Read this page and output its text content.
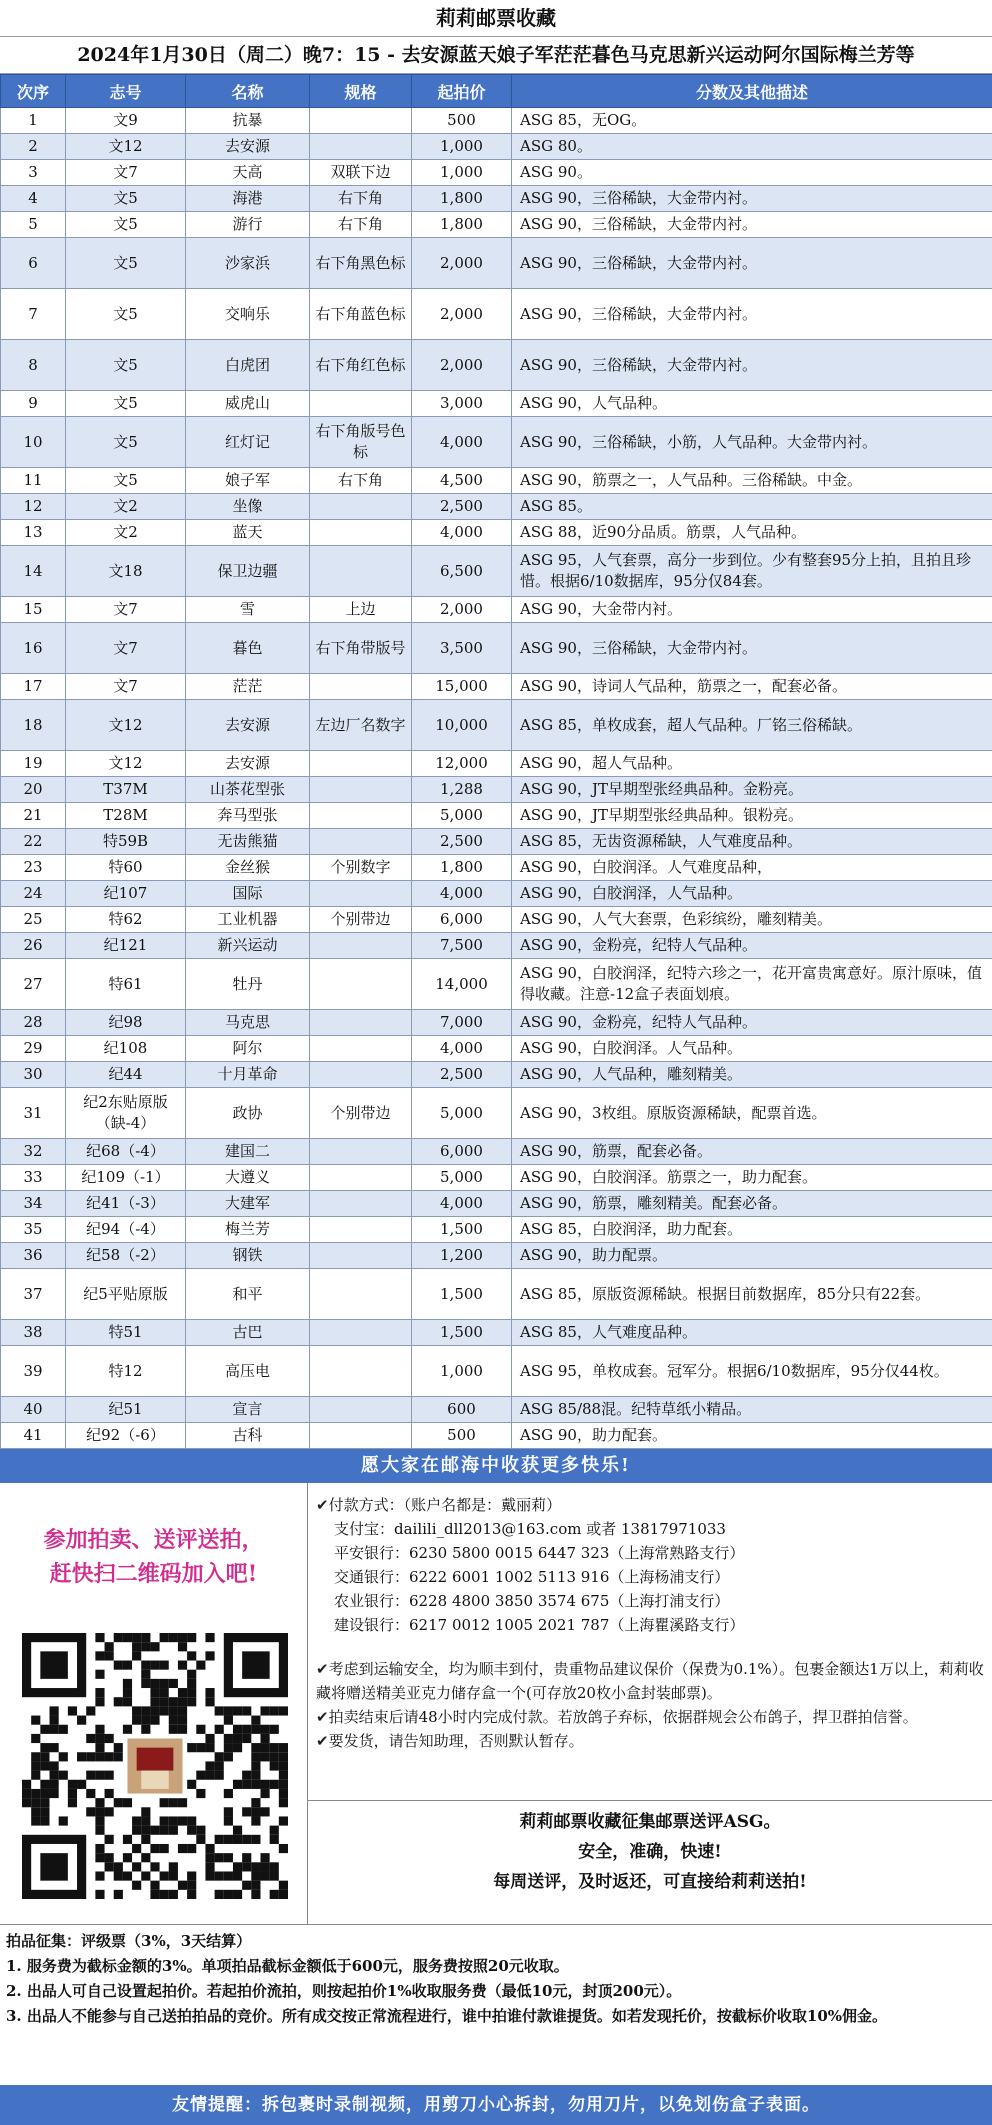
莉莉邮票收藏
2024年1月30日（周二）晚7：15 - 去安源蓝天娘子军茫茫暮色马克思新兴运动阿尔国际梅兰芳等
次序	志号	名称	规格	起拍价	分数及其他描述
1	文9	抗暴		500	ASG 85，无OG。
2	文12	去安源		1,000	ASG 80。
3	文7	天高	双联下边	1,000	ASG 90。
4	文5	海港	右下角	1,800	ASG 90，三俗稀缺，大金带内衬。
5	文5	游行	右下角	1,800	ASG 90，三俗稀缺，大金带内衬。
6	文5	沙家浜	右下角黑色标	2,000	ASG 90，三俗稀缺，大金带内衬。
7	文5	交响乐	右下角蓝色标	2,000	ASG 90，三俗稀缺，大金带内衬。
8	文5	白虎团	右下角红色标	2,000	ASG 90，三俗稀缺，大金带内衬。
9	文5	威虎山		3,000	ASG 90，人气品种。
10	文5	红灯记	右下角版号色标	4,000	ASG 90，三俗稀缺，小筋，人气品种。大金带内衬。
11	文5	娘子军	右下角	4,500	ASG 90，筋票之一，人气品种。三俗稀缺。中金。
12	文2	坐像		2,500	ASG 85。
13	文2	蓝天		4,000	ASG 88，近90分品质。筋票，人气品种。
14	文18	保卫边疆		6,500	ASG 95，人气套票，高分一步到位。少有整套95分上拍，且拍且珍惜。根据6/10数据库，95分仅84套。
15	文7	雪	上边	2,000	ASG 90，大金带内衬。
16	文7	暮色	右下角带版号	3,500	ASG 90，三俗稀缺，大金带内衬。
17	文7	茫茫		15,000	ASG 90，诗词人气品种，筋票之一，配套必备。
18	文12	去安源	左边厂名数字	10,000	ASG 85，单枚成套，超人气品种。厂铭三俗稀缺。
19	文12	去安源		12,000	ASG 90，超人气品种。
20	T37M	山茶花型张		1,288	ASG 90，JT早期型张经典品种。金粉亮。
21	T28M	奔马型张		5,000	ASG 90，JT早期型张经典品种。银粉亮。
22	特59B	无齿熊猫		2,500	ASG 85，无齿资源稀缺，人气难度品种。
23	特60	金丝猴	个别数字	1,800	ASG 90，白胶润泽。人气难度品种，
24	纪107	国际		4,000	ASG 90，白胶润泽，人气品种。
25	特62	工业机器	个别带边	6,000	ASG 90，人气大套票，色彩缤纷，雕刻精美。
26	纪121	新兴运动		7,500	ASG 90，金粉亮，纪特人气品种。
27	特61	牡丹		14,000	ASG 90，白胶润泽，纪特六珍之一，花开富贵寓意好。原汁原味，值得收藏。注意-12盒子表面划痕。
28	纪98	马克思		7,000	ASG 90，金粉亮，纪特人气品种。
29	纪108	阿尔		4,000	ASG 90，白胶润泽。人气品种。
30	纪44	十月革命		2,500	ASG 90，人气品种，雕刻精美。
31	纪2东贴原版（缺-4）	政协	个别带边	5,000	ASG 90，3枚组。原版资源稀缺，配票首选。
32	纪68（-4）	建国二		6,000	ASG 90，筋票，配套必备。
33	纪109（-1）	大遵义		5,000	ASG 90，白胶润泽。筋票之一，助力配套。
34	纪41（-3）	大建军		4,000	ASG 90，筋票，雕刻精美。配套必备。
35	纪94（-4）	梅兰芳		1,500	ASG 85，白胶润泽，助力配套。
36	纪58（-2）	钢铁		1,200	ASG 90，助力配票。
37	纪5平贴原版	和平		1,500	ASG 85，原版资源稀缺。根据目前数据库，85分只有22套。
38	特51	古巴		1,500	ASG 85，人气难度品种。
39	特12	高压电		1,000	ASG 95，单枚成套。冠军分。根据6/10数据库，95分仅44枚。
40	纪51	宣言		600	ASG 85/88混。纪特草纸小精品。
41	纪92（-6）	古科		500	ASG 90，助力配套。
愿大家在邮海中收获更多快乐!
参加拍卖、送评送拍，
赶快扫二维码加入吧!
✔付款方式：（账户名都是：戴丽莉）
支付宝：dailili_dll2013@163.com 或者 13817971033
平安银行：6230 5800 0015 6447 323（上海常熟路支行）
交通银行：6222 6001 1002 5113 916（上海杨浦支行）
农业银行：6228 4800 3850 3574 675（上海打浦支行）
建设银行：6217 0012 1005 2021 787（上海瞿溪路支行）
✔考虑到运输安全，均为顺丰到付，贵重物品建议保价（保费为0.1%）。包裹金额达1万以上，莉莉收藏将赠送精美亚克力储存盒一个(可存放20枚小盒封装邮票)。
✔拍卖结束后请48小时内完成付款。若放鸽子弃标，依据群规会公布鸽子，捍卫群拍信誉。
✔要发货，请告知助理，否则默认暂存。
莉莉邮票收藏征集邮票送评ASG。
安全，准确，快速!
每周送评，及时返还，可直接给莉莉送拍!
拍品征集：评级票（3%，3天结算）
1. 服务费为截标金额的3%。单项拍品截标金额低于600元，服务费按照20元收取。
2. 出品人可自己设置起拍价。若起拍价流拍，则按起拍价1%收取服务费（最低10元，封顶200元）。
3. 出品人不能参与自己送拍拍品的竞价。所有成交按正常流程进行，谁中拍谁付款谁提货。如若发现托价，按截标价收取10%佣金。
友情提醒：拆包裹时录制视频，用剪刀小心拆封，勿用刀片，以免划伤盒子表面。
